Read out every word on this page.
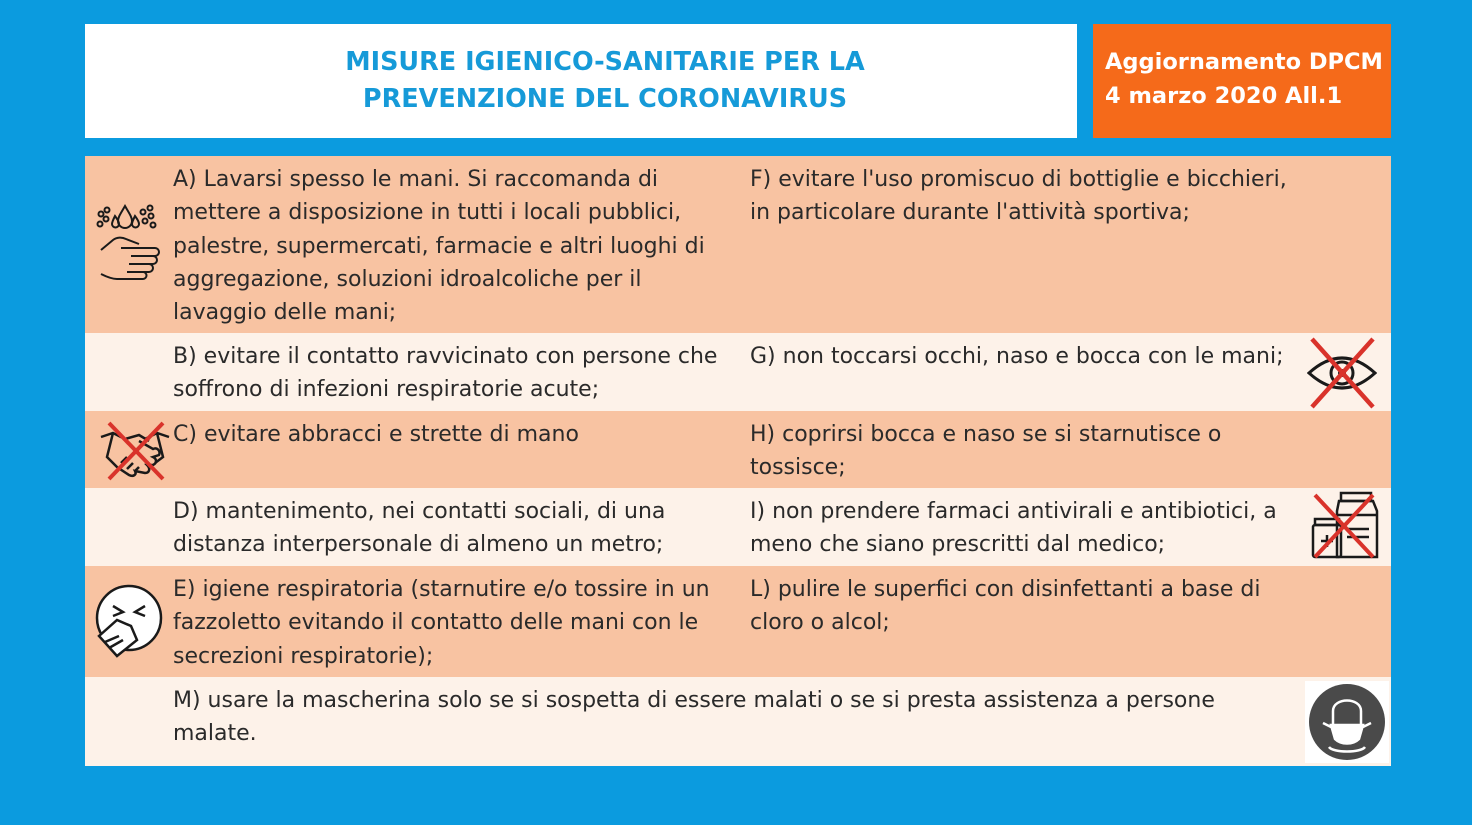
MISURE IGIENICO-SANITARIE PER LA
PREVENZIONE DEL CORONAVIRUS
Aggiornamento DPCM
4 marzo 2020 All.1

A) Lavarsi spesso le mani. Si raccomanda di mettere a disposizione in tutti i locali pubblici, palestre, supermercati, farmacie e altri luoghi di aggregazione, soluzioni idroalcoliche per il lavaggio delle mani;

F) evitare l'uso promiscuo di bottiglie e bicchieri, in particolare durante l'attività sportiva;

B) evitare il contatto ravvicinato con persone che soffrono di infezioni respiratorie acute;

G) non toccarsi occhi, naso e bocca con le mani;

C) evitare abbracci e strette di mano	H) coprirsi bocca e naso se si starnutisce o tossisce;

D) mantenimento, nei contatti sociali, di una distanza interpersonale di almeno un metro;

I) non prendere farmaci antivirali e antibiotici, a meno che siano prescritti dal medico;

E) igiene respiratoria (starnutire e/o tossire in un fazzoletto evitando il contatto delle mani con le secrezioni respiratorie);

L) pulire le superfici con disinfettanti a base di cloro o alcol;

M) usare la mascherina solo se si sospetta di essere malati o se si presta assistenza a persone malate.
